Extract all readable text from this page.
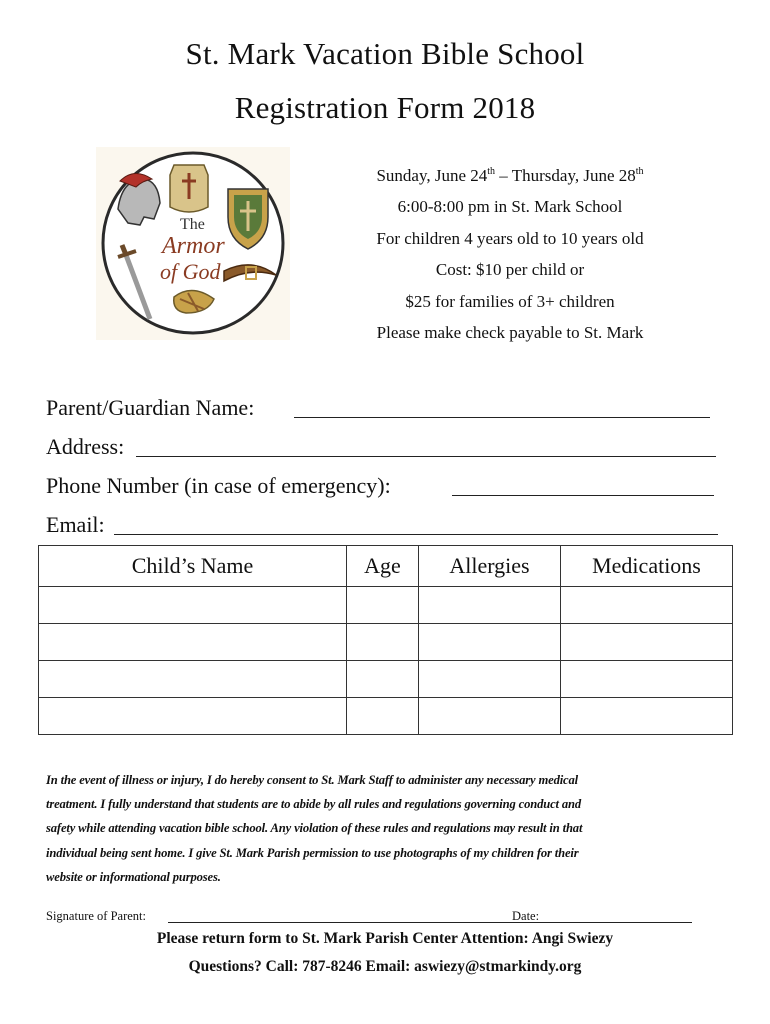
St. Mark Vacation Bible School
Registration Form 2018
The
Armor
of God
Sunday, June 24th – Thursday, June 28th
6:00-8:00 pm in St. Mark School
For children 4 years old to 10 years old
Cost: $10 per child or
$25 for families of 3+ children
Please make check payable to St. Mark
Parent/Guardian Name:
Address:
Phone Number (in case of emergency):
Email:
Child’s Name	Age	Allergies	Medications

In the event of illness or injury, I do hereby consent to St. Mark Staff to administer any necessary medical
treatment. I fully understand that students are to abide by all rules and regulations governing conduct and
safety while attending vacation bible school. Any violation of these rules and regulations may result in that
individual being sent home. I give St. Mark Parish permission to use photographs of my children for their
website or informational purposes.
Signature of Parent:	Date:
Please return form to St. Mark Parish Center Attention: Angi Swiezy
Questions? Call: 787-8246 Email: aswiezy@stmarkindy.org
